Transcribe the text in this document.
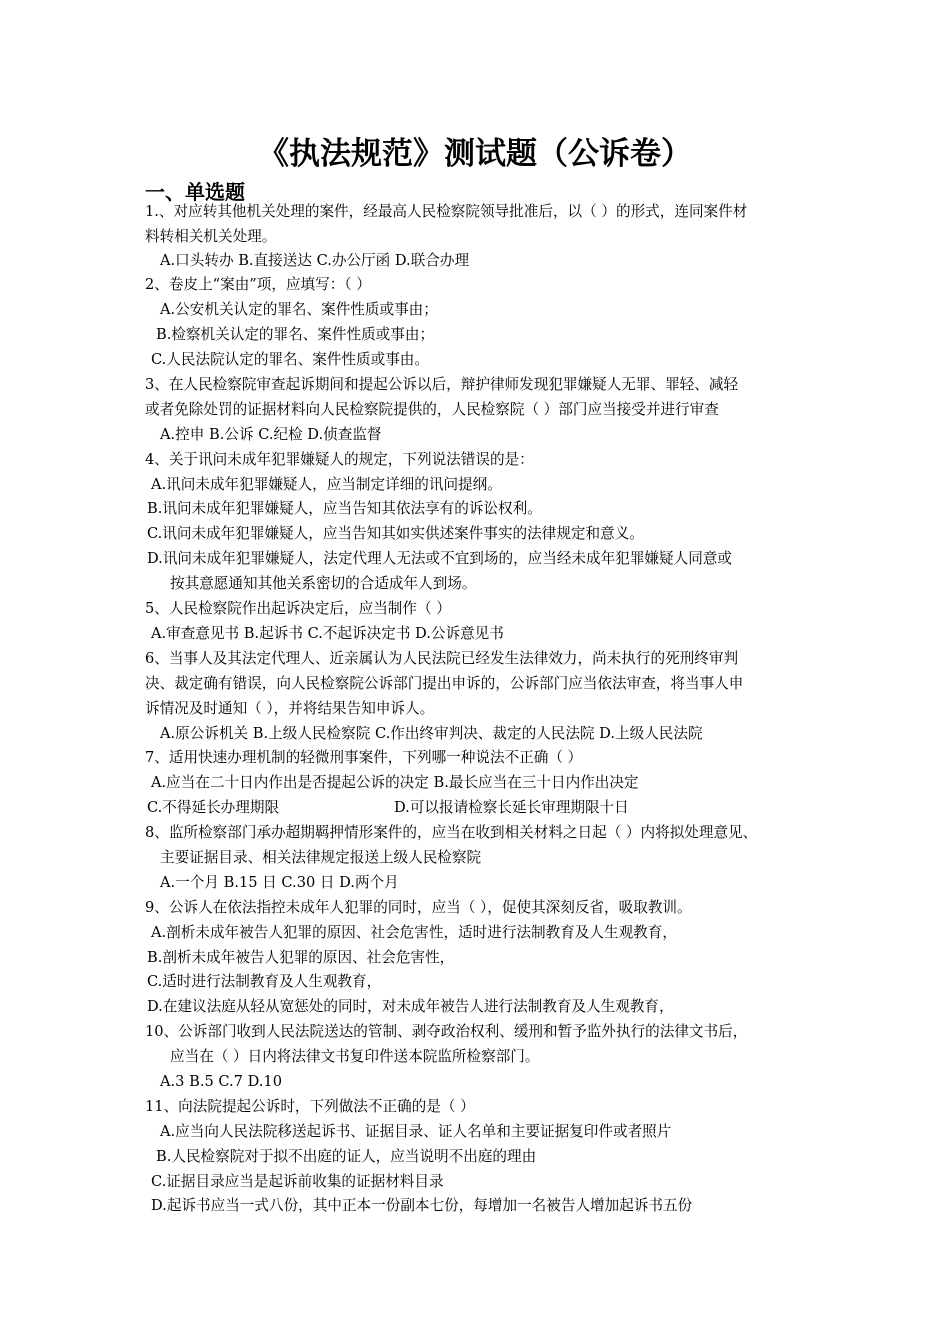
《执法规范》测试题（公诉卷）
一、单选题
1.、对应转其他机关处理的案件，经最高人民检察院领导批准后，以（ ）的形式，连同案件材
料转相关机关处理。
A.口头转办 B.直接送达 C.办公厅函 D.联合办理
2、卷皮上“案由”项，应填写：（ ）
A.公安机关认定的罪名、案件性质或事由；
B.检察机关认定的罪名、案件性质或事由；
C.人民法院认定的罪名、案件性质或事由。
3、在人民检察院审查起诉期间和提起公诉以后，辩护律师发现犯罪嫌疑人无罪、罪轻、减轻
或者免除处罚的证据材料向人民检察院提供的，人民检察院（ ）部门应当接受并进行审查
A.控申 B.公诉 C.纪检 D.侦查监督
4、关于讯问未成年犯罪嫌疑人的规定，下列说法错误的是：
A.讯问未成年犯罪嫌疑人，应当制定详细的讯问提纲。
B.讯问未成年犯罪嫌疑人，应当告知其依法享有的诉讼权利。
C.讯问未成年犯罪嫌疑人，应当告知其如实供述案件事实的法律规定和意义。
D.讯问未成年犯罪嫌疑人，法定代理人无法或不宜到场的，应当经未成年犯罪嫌疑人同意或
按其意愿通知其他关系密切的合适成年人到场。
5、人民检察院作出起诉决定后，应当制作（ ）
A.审查意见书 B.起诉书 C.不起诉决定书 D.公诉意见书
6、当事人及其法定代理人、近亲属认为人民法院已经发生法律效力，尚未执行的死刑终审判
决、裁定确有错误，向人民检察院公诉部门提出申诉的，公诉部门应当依法审查，将当事人申
诉情况及时通知（ ），并将结果告知申诉人。
A.原公诉机关 B.上级人民检察院 C.作出终审判决、裁定的人民法院 D.上级人民法院
7、适用快速办理机制的轻微刑事案件，下列哪一种说法不正确（ ）
A.应当在二十日内作出是否提起公诉的决定 B.最长应当在三十日内作出决定
C.不得延长办理期限	D.可以报请检察长延长审理期限十日
8、监所检察部门承办超期羁押情形案件的，应当在收到相关材料之日起（ ）内将拟处理意见、
主要证据目录、相关法律规定报送上级人民检察院
A.一个月 B.15 日 C.30 日 D.两个月
9、公诉人在依法指控未成年人犯罪的同时，应当（ ），促使其深刻反省，吸取教训。
A.剖析未成年被告人犯罪的原因、社会危害性，适时进行法制教育及人生观教育，
B.剖析未成年被告人犯罪的原因、社会危害性，
C.适时进行法制教育及人生观教育，
D.在建议法庭从轻从宽惩处的同时，对未成年被告人进行法制教育及人生观教育，
10、公诉部门收到人民法院送达的管制、剥夺政治权利、缓刑和暂予监外执行的法律文书后，
应当在（ ）日内将法律文书复印件送本院监所检察部门。
A.3 B.5 C.7 D.10
11、向法院提起公诉时，下列做法不正确的是（ ）
A.应当向人民法院移送起诉书、证据目录、证人名单和主要证据复印件或者照片
B.人民检察院对于拟不出庭的证人，应当说明不出庭的理由
C.证据目录应当是起诉前收集的证据材料目录
D.起诉书应当一式八份，其中正本一份副本七份，每增加一名被告人增加起诉书五份
